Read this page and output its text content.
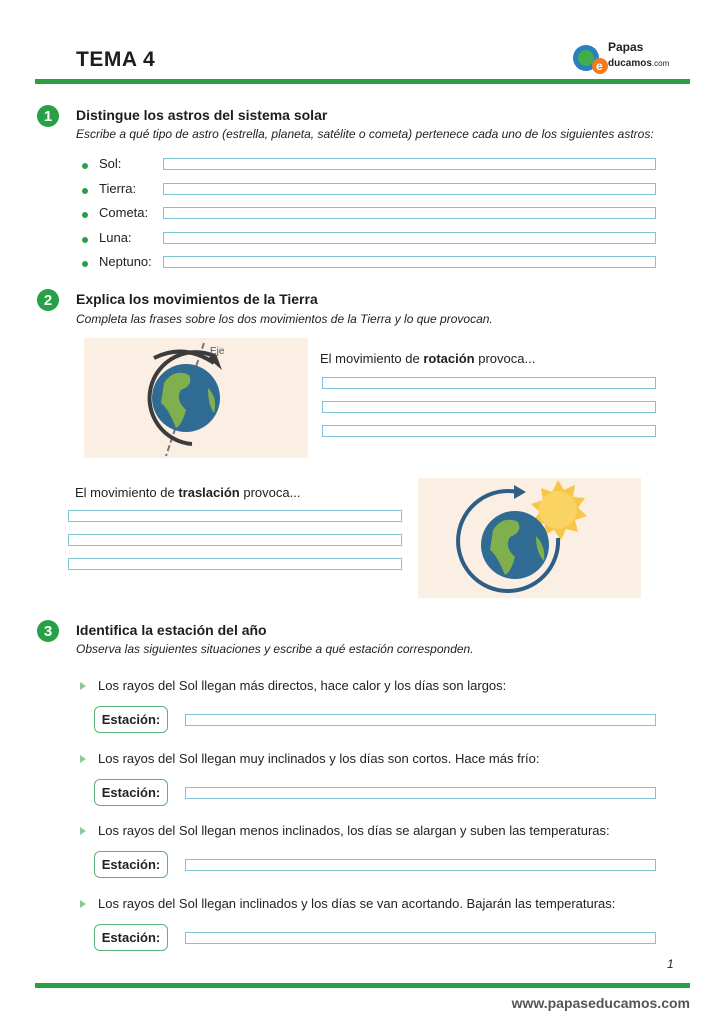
TEMA 4	e
Papas
ducamos.com
1	Distingue los astros del sistema solar
Escribe a qué tipo de astro (estrella, planeta, satélite o cometa) pertenece cada uno de los siguientes astros:
Sol:
Tierra:
Cometa:
Luna:
Neptuno:
2	Explica los movimientos de la Tierra
Completa las frases sobre los dos movimientos de la Tierra y lo que provocan.
Eje	El movimiento de rotación provoca...
El movimiento de traslación provoca...
3	Identifica la estación del año
Observa las siguientes situaciones y escribe a qué estación corresponden.
Los rayos del Sol llegan más directos, hace calor y los días son largos:
Estación:
Los rayos del Sol llegan muy inclinados y los días son cortos. Hace más frío:
Estación:
Los rayos del Sol llegan menos inclinados, los días se alargan y suben las temperaturas:
Estación:
Los rayos del Sol llegan inclinados y los días se van acortando. Bajarán las temperaturas:
Estación:
1
www.papaseducamos.com
